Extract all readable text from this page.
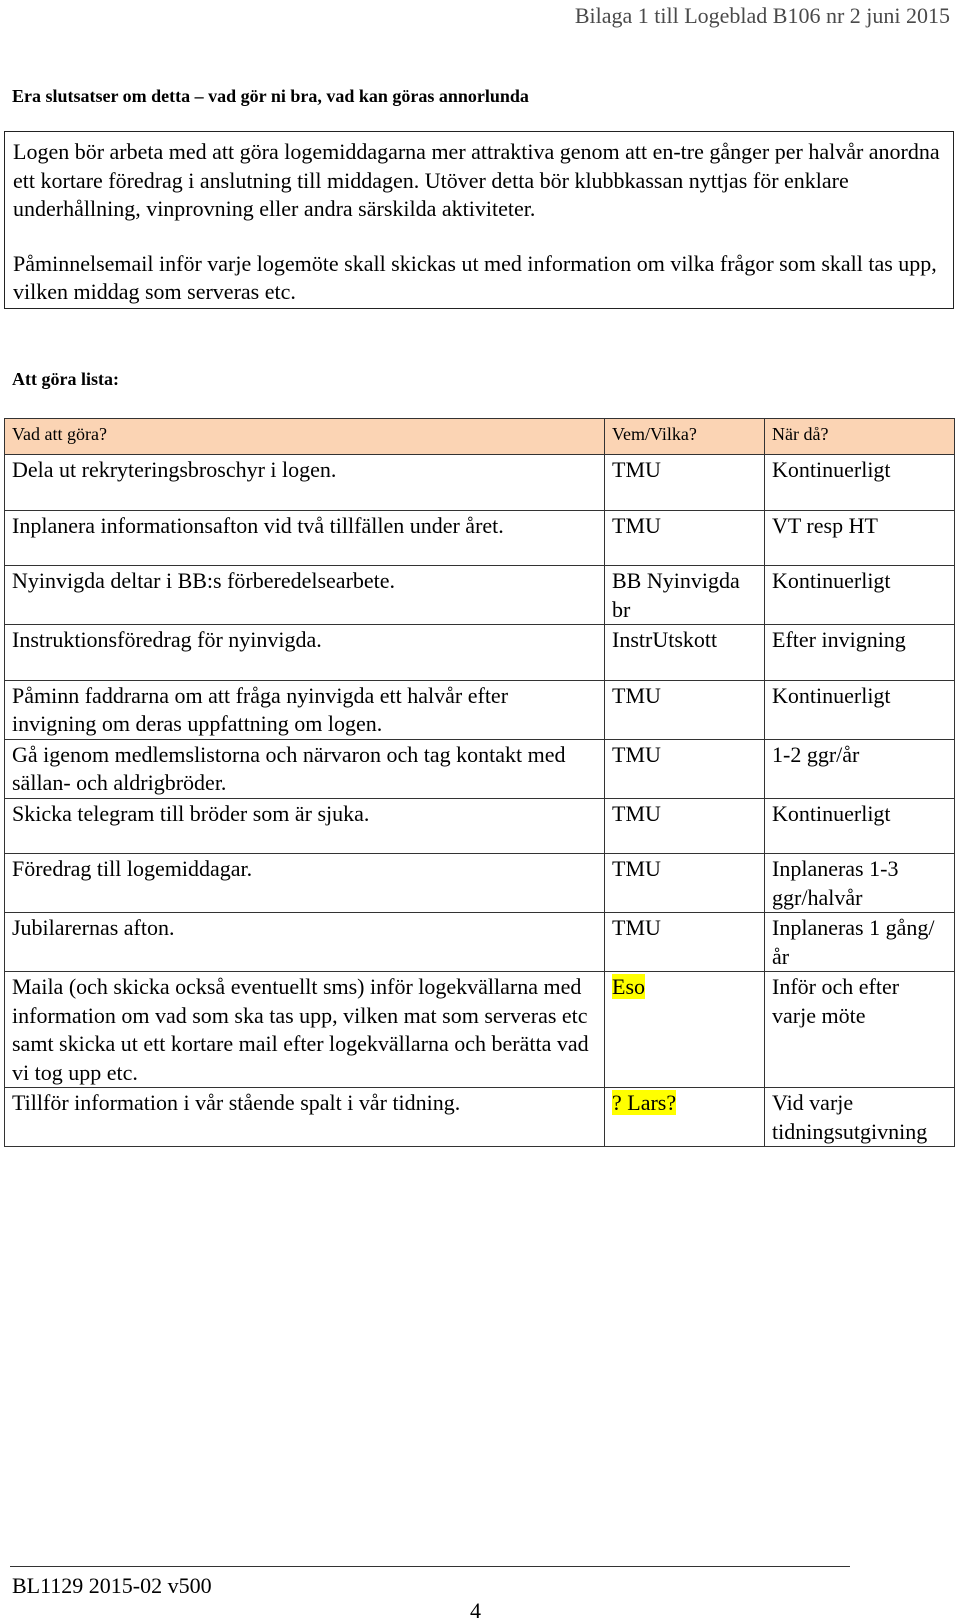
Bilaga 1 till Logeblad B106 nr 2 juni 2015
Era slutsatser om detta – vad gör ni bra, vad kan göras annorlunda

Logen bör arbeta med att göra logemiddagarna mer attraktiva genom att en-tre gånger per halvår anordna ett kortare föredrag i anslutning till middagen. Utöver detta bör klubbkassan nyttjas för enklare underhållning, vinprovning eller andra särskilda aktiviteter.

Påminnelsemail inför varje logemöte skall skickas ut med information om vilka frågor som skall tas upp, vilken middag som serveras etc.

Att göra lista:
Vad att göra?	Vem/Vilka?	När då?
Dela ut rekryteringsbroschyr i logen.	TMU	Kontinuerligt
Inplanera informationsafton vid två tillfällen under året.	TMU	VT resp HT
Nyinvigda deltar i BB:s förberedelsearbete.	BB Nyinvigda br	Kontinuerligt
Instruktionsföredrag för nyinvigda.	InstrUtskott	Efter invigning
Påminn faddrarna om att fråga nyinvigda ett halvår efter invigning om deras uppfattning om logen.	TMU	Kontinuerligt
Gå igenom medlemslistorna och närvaron och tag kontakt med sällan- och aldrigbröder.	TMU	1-2 ggr/år
Skicka telegram till bröder som är sjuka.	TMU	Kontinuerligt
Föredrag till logemiddagar.	TMU	Inplaneras 1-3 ggr/halvår
Jubilarernas afton.	TMU	Inplaneras 1 gång/år
Maila (och skicka också eventuellt sms) inför logekvällarna med information om vad som ska tas upp, vilken mat som serveras etc samt skicka ut ett kortare mail efter logekvällarna och berätta vad vi tog upp etc.	Eso	Inför och efter varje möte
Tillför information i vår stående spalt i vår tidning.	? Lars?	Vid varje tidningsutgivning
BL1129 2015-02 v500
4
